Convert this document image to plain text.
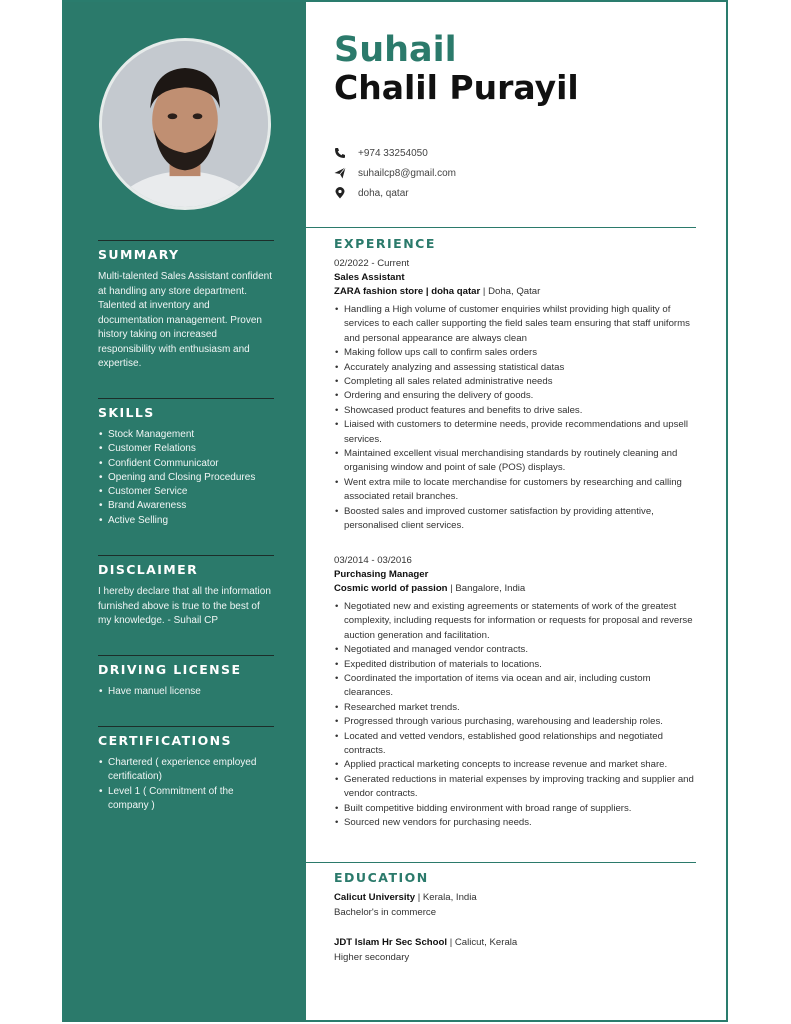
SUMMARY
Multi-talented Sales Assistant confident at handling any store department. Talented at inventory and documentation management. Proven history taking on increased responsibility with enthusiasm and expertise.
SKILLS
• Stock Management
• Customer Relations
• Confident Communicator
• Opening and Closing Procedures
• Customer Service
• Brand Awareness
• Active Selling
DISCLAIMER
I hereby declare that all the information furnished above is true to the best of my knowledge. - Suhail CP
DRIVING LICENSE
• Have manuel license
CERTIFICATIONS
• Chartered ( experience employed certification)
• Level 1 ( Commitment of the company )
Suhail
Chalil Purayil
+974 33254050
suhailcp8@gmail.com
doha, qatar
EXPERIENCE
02/2022 - Current
Sales Assistant
ZARA fashion store | doha qatar | Doha, Qatar
• Handling a High volume of customer enquiries whilst providing high quality of services to each caller supporting the field sales team ensuring that staff uniforms and personal appearance are always clean
• Making follow ups call to confirm sales orders
• Accurately analyzing and assessing statistical datas
• Completing all sales related administrative needs
• Ordering and ensuring the delivery of goods.
• Showcased product features and benefits to drive sales.
• Liaised with customers to determine needs, provide recommendations and upsell services.
• Maintained excellent visual merchandising standards by routinely cleaning and organising window and point of sale (POS) displays.
• Went extra mile to locate merchandise for customers by researching and calling associated retail branches.
• Boosted sales and improved customer satisfaction by providing attentive, personalised client services.
03/2014 - 03/2016
Purchasing Manager
Cosmic world of passion | Bangalore, India
• Negotiated new and existing agreements or statements of work of the greatest complexity, including requests for information or requests for proposal and reverse auction generation and facilitation.
• Negotiated and managed vendor contracts.
• Expedited distribution of materials to locations.
• Coordinated the importation of items via ocean and air, including custom clearances.
• Researched market trends.
• Progressed through various purchasing, warehousing and leadership roles.
• Located and vetted vendors, established good relationships and negotiated contracts.
• Applied practical marketing concepts to increase revenue and market share.
• Generated reductions in material expenses by improving tracking and supplier and vendor contracts.
• Built competitive bidding environment with broad range of suppliers.
• Sourced new vendors for purchasing needs.
EDUCATION
Calicut University | Kerala, India
Bachelor's in commerce
JDT Islam Hr Sec School | Calicut, Kerala
Higher secondary
